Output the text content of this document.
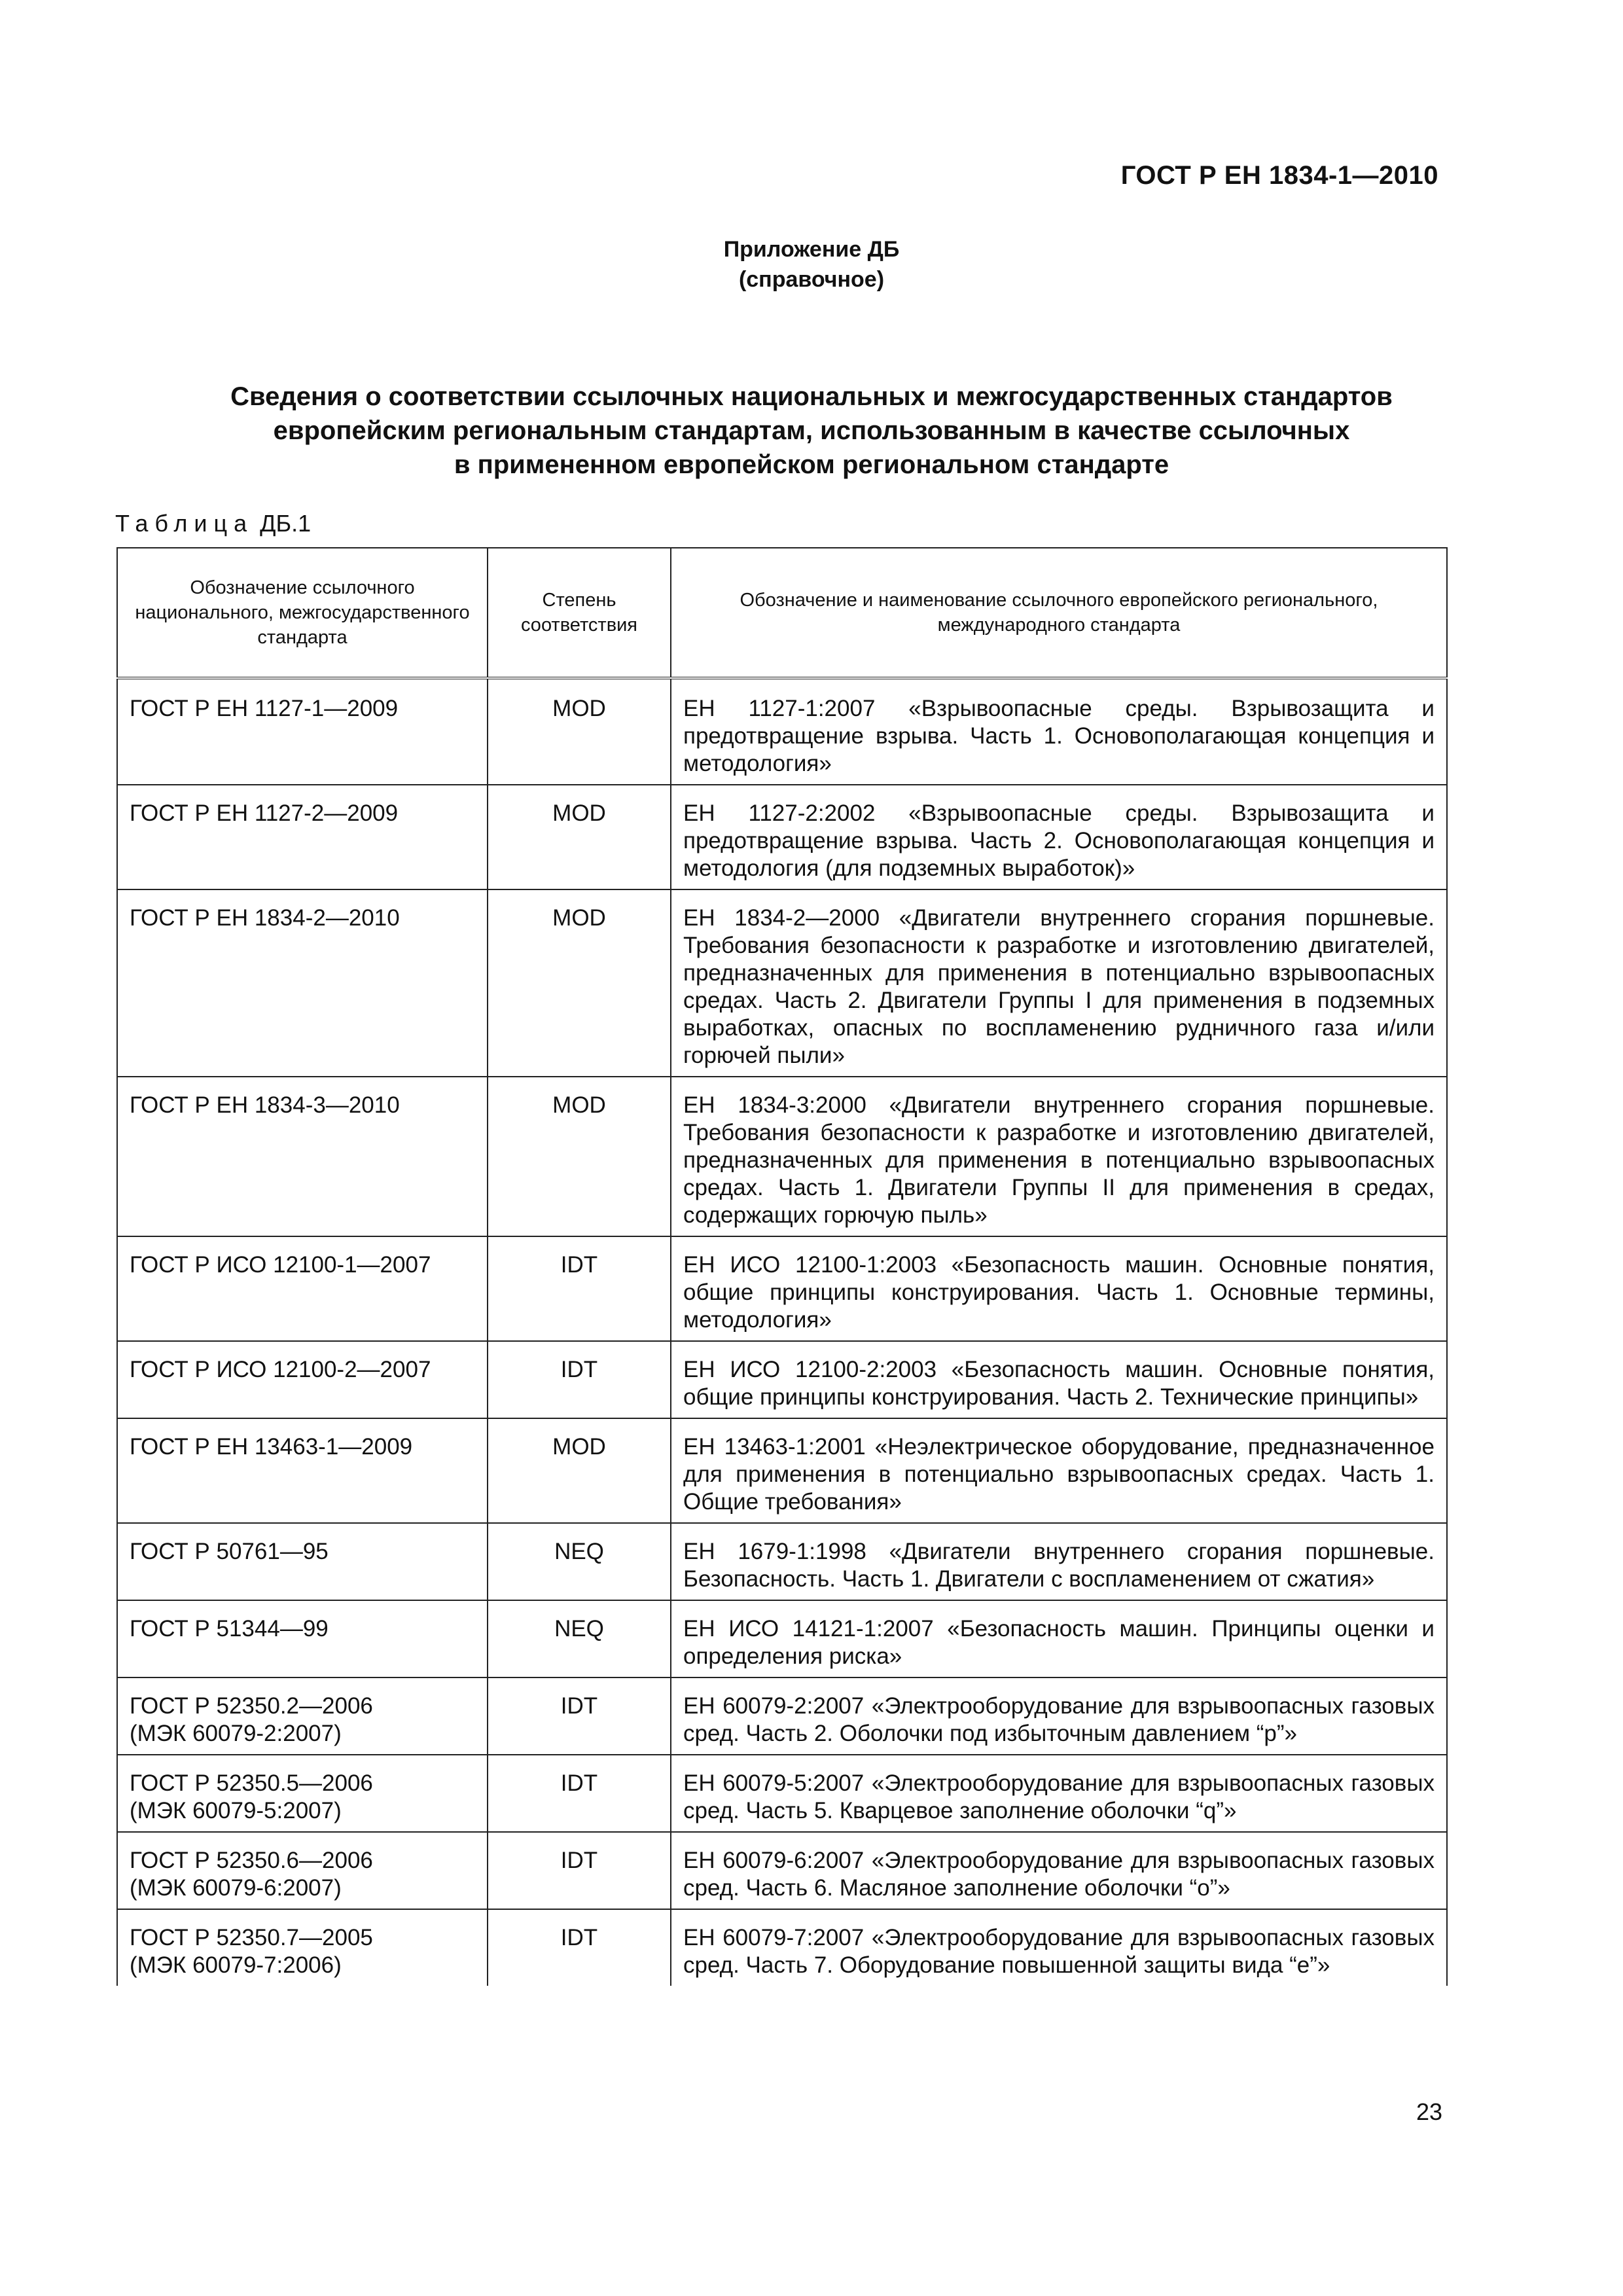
ГОСТ Р ЕН 1834-1—2010
Приложение ДБ
(справочное)
Сведения о соответствии ссылочных национальных и межгосударственных стандартов
европейским региональным стандартам, использованным в качестве ссылочных
в примененном европейском региональном стандарте
Таблица ДБ.1
Обозначение ссылочного национального, межгосударственного стандарта	Степень соответствия	Обозначение и наименование ссылочного европейского регионального, международного стандарта
ГОСТ Р ЕН 1127-1—2009	MOD	ЕН 1127-1:2007 «Взрывоопасные среды. Взрывозащита и предотвращение взрыва. Часть 1. Основополагающая концепция и методология»
ГОСТ Р ЕН 1127-2—2009	MOD	ЕН 1127-2:2002 «Взрывоопасные среды. Взрывозащита и предотвращение взрыва. Часть 2. Основополагающая концепция и методология (для подземных выработок)»
ГОСТ Р ЕН 1834-2—2010	MOD	ЕН 1834-2—2000 «Двигатели внутреннего сгорания поршневые. Требования безопасности к разработке и изготовлению двигателей, предназначенных для применения в потенциально взрывоопасных средах. Часть 2. Двигатели Группы I для применения в подземных выработках, опасных по воспламенению рудничного газа и/или горючей пыли»
ГОСТ Р ЕН 1834-3—2010	MOD	ЕН 1834-3:2000 «Двигатели внутреннего сгорания поршневые. Требования безопасности к разработке и изготовлению двигателей, предназначенных для применения в потенциально взрывоопасных средах. Часть 1. Двигатели Группы II для применения в средах, содержащих горючую пыль»
ГОСТ Р ИСО 12100-1—2007	IDT	ЕН ИСО 12100-1:2003 «Безопасность машин. Основные понятия, общие принципы конструирования. Часть 1. Основные термины, методология»
ГОСТ Р ИСО 12100-2—2007	IDT	ЕН ИСО 12100-2:2003 «Безопасность машин. Основные понятия, общие принципы конструирования. Часть 2. Технические принципы»
ГОСТ Р ЕН 13463-1—2009	MOD	ЕН 13463-1:2001 «Неэлектрическое оборудование, предназначенное для применения в потенциально взрывоопасных средах. Часть 1. Общие требования»
ГОСТ Р 50761—95	NEQ	ЕН 1679-1:1998 «Двигатели внутреннего сгорания поршневые. Безопасность. Часть 1. Двигатели с воспламенением от сжатия»
ГОСТ Р 51344—99	NEQ	ЕН ИСО 14121-1:2007 «Безопасность машин. Принципы оценки и определения риска»
ГОСТ Р 52350.2—2006
(МЭК 60079-2:2007)	IDT	ЕН 60079-2:2007 «Электрооборудование для взрывоопасных газовых сред. Часть 2. Оболочки под избыточным давлением “p”»
ГОСТ Р 52350.5—2006
(МЭК 60079-5:2007)	IDT	ЕН 60079-5:2007 «Электрооборудование для взрывоопасных газовых сред. Часть 5. Кварцевое заполнение оболочки “q”»
ГОСТ Р 52350.6—2006
(МЭК 60079-6:2007)	IDT	ЕН 60079-6:2007 «Электрооборудование для взрывоопасных газовых сред. Часть 6. Масляное заполнение оболочки “o”»
ГОСТ Р 52350.7—2005
(МЭК 60079-7:2006)	IDT	ЕН 60079-7:2007 «Электрооборудование для взрывоопасных газовых сред. Часть 7. Оборудование повышенной защиты вида “e”»
23
